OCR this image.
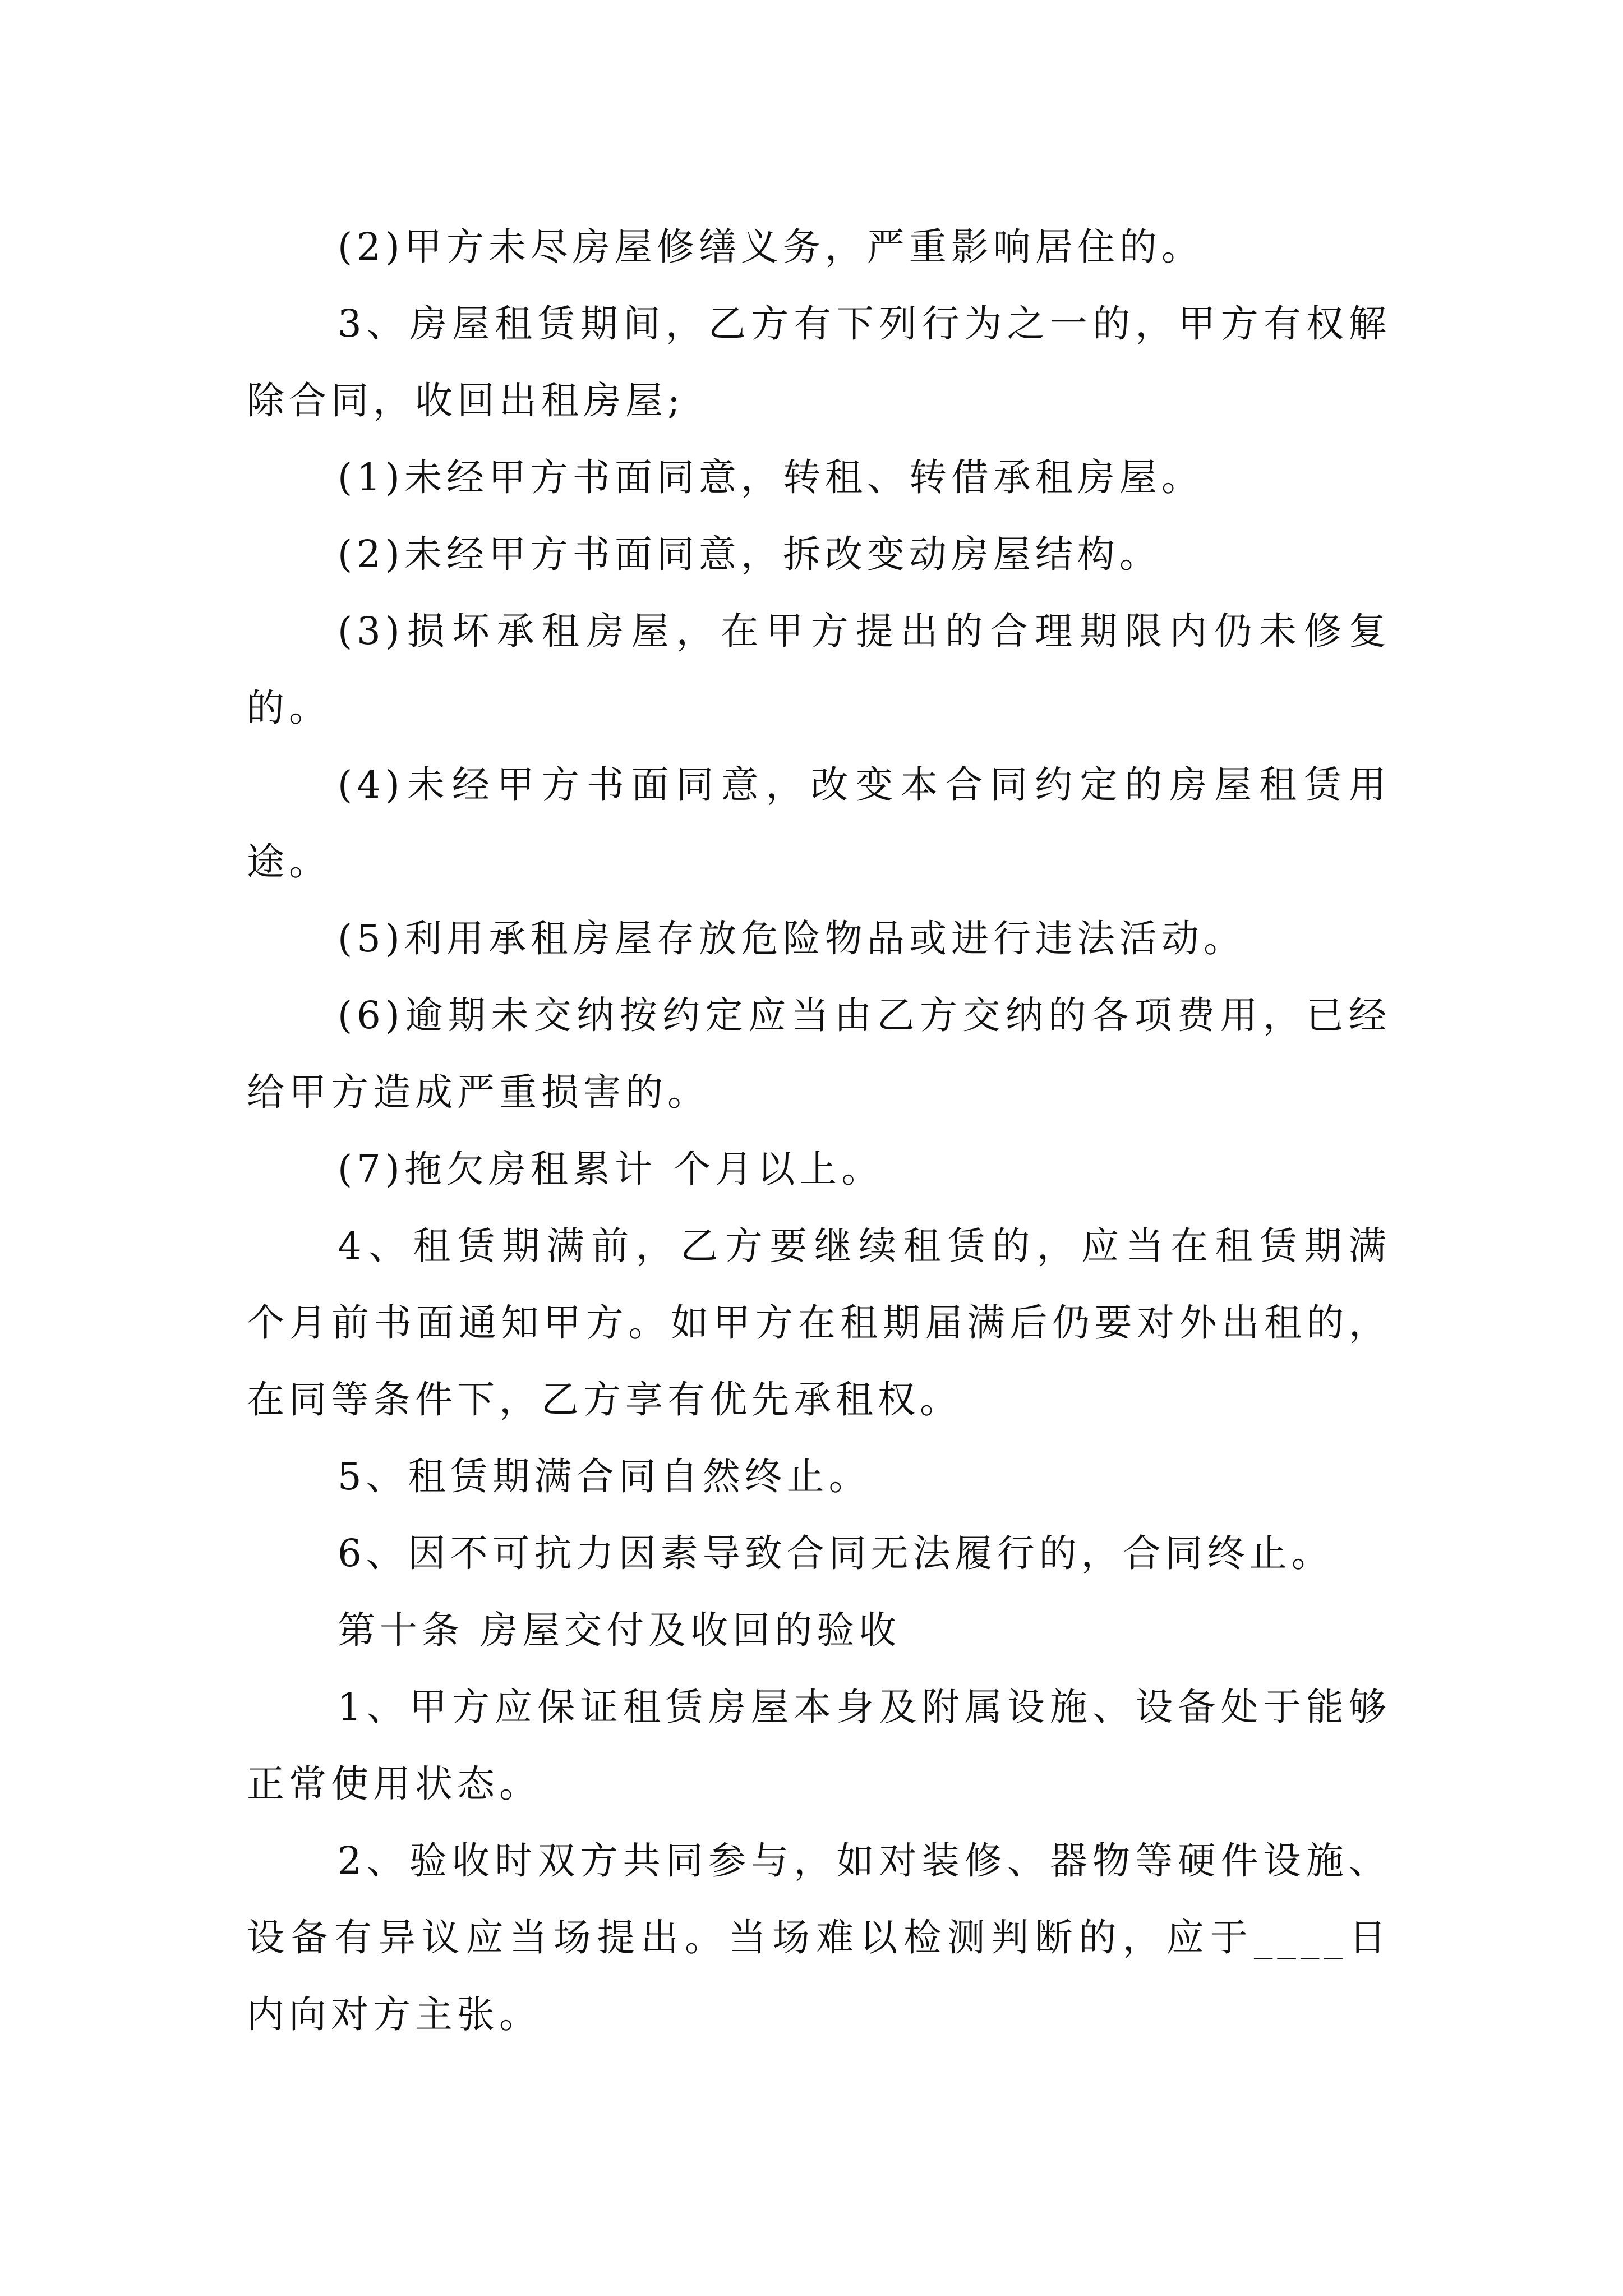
(2)甲方未尽房屋修缮义务，严重影响居住的。

3、房屋租赁期间，乙方有下列行为之一的，甲方有权解除合同，收回出租房屋;

(1)未经甲方书面同意，转租、转借承租房屋。

(2)未经甲方书面同意，拆改变动房屋结构。

(3)损坏承租房屋，在甲方提出的合理期限内仍未修复的。

(4)未经甲方书面同意，改变本合同约定的房屋租赁用途。

(5)利用承租房屋存放危险物品或进行违法活动。

(6)逾期未交纳按约定应当由乙方交纳的各项费用，已经给甲方造成严重损害的。

(7)拖欠房租累计 个月以上。

4、租赁期满前，乙方要继续租赁的，应当在租赁期满 个月前书面通知甲方。如甲方在租期届满后仍要对外出租的，在同等条件下，乙方享有优先承租权。

5、租赁期满合同自然终止。

6、因不可抗力因素导致合同无法履行的，合同终止。

第十条 房屋交付及收回的验收

1、甲方应保证租赁房屋本身及附属设施、设备处于能够正常使用状态。

2、验收时双方共同参与，如对装修、器物等硬件设施、设备有异议应当场提出。当场难以检测判断的，应于____日内向对方主张。
